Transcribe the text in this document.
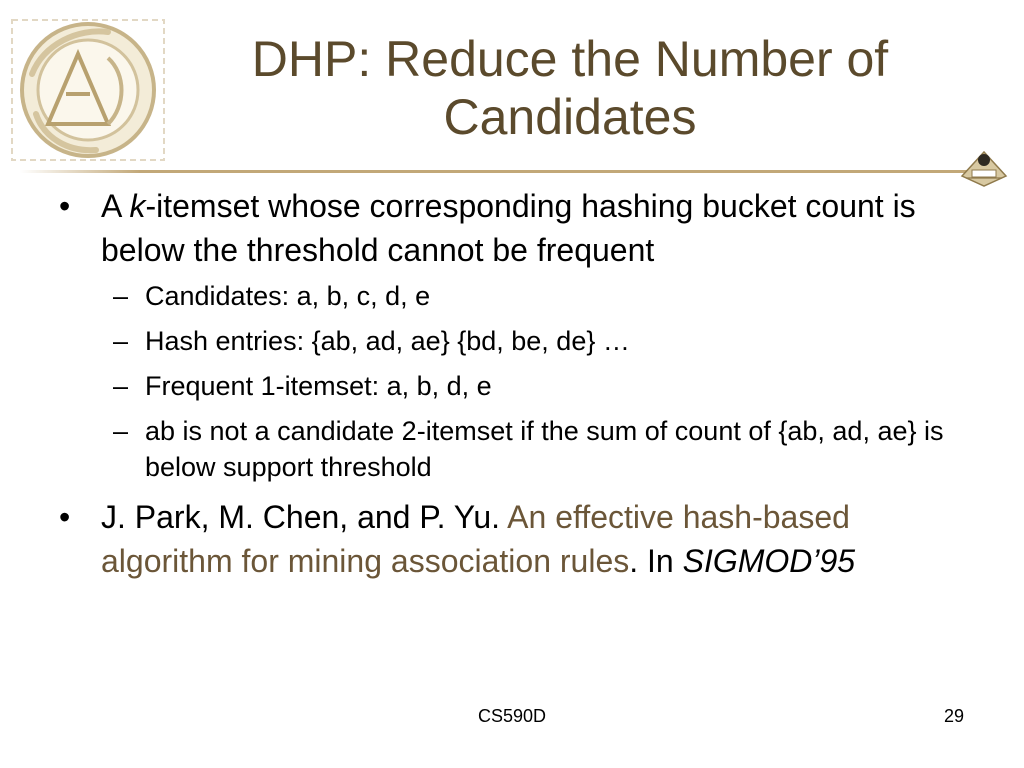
DHP: Reduce the Number of
Candidates
• A k-itemset whose corresponding hashing bucket count is below the threshold cannot be frequent
– Candidates: a, b, c, d, e
– Hash entries: {ab, ad, ae} {bd, be, de} …
– Frequent 1-itemset: a, b, d, e
– ab is not a candidate 2-itemset if the sum of count of {ab, ad, ae} is below support threshold
• J. Park, M. Chen, and P. Yu. An effective hash-based algorithm for mining association rules. In SIGMOD’95
CS590D	29
